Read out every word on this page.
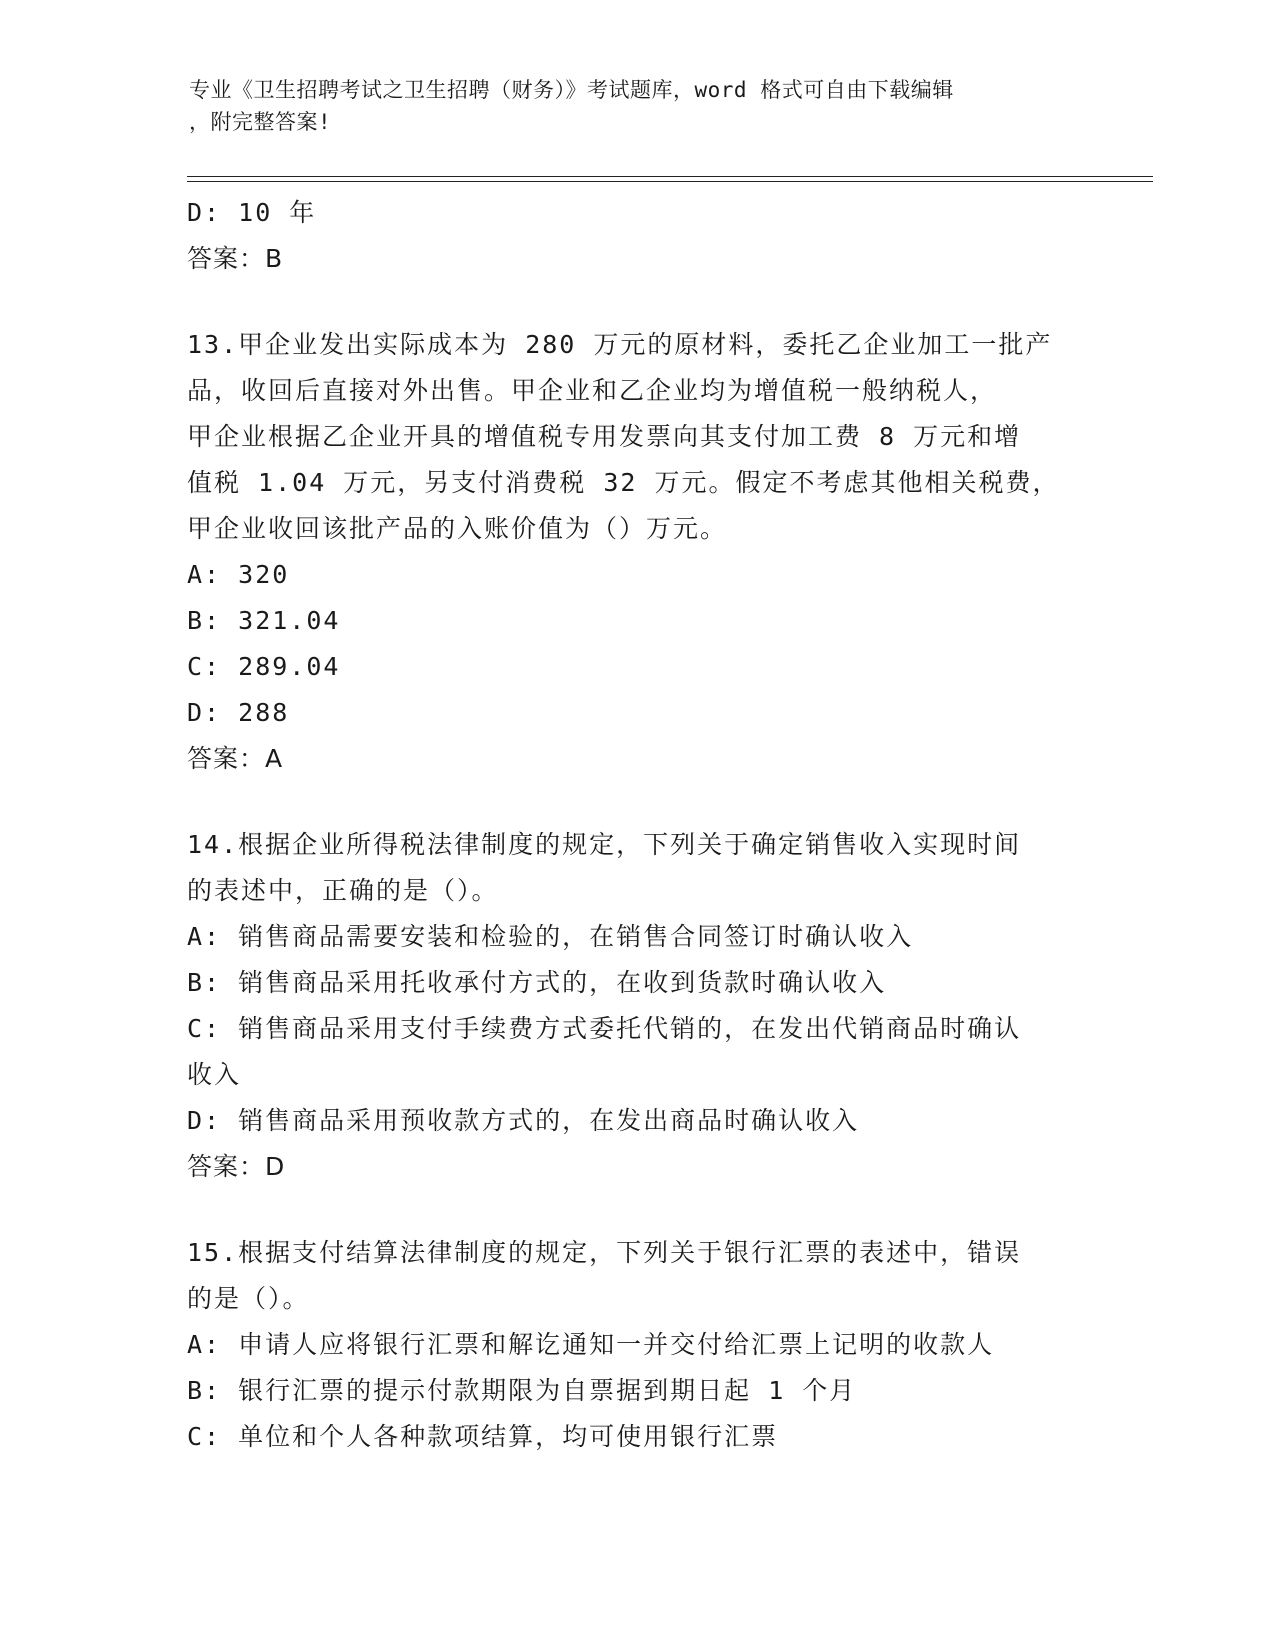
专业《卫生招聘考试之卫生招聘（财务）》考试题库，word 格式可自由下载编辑
，附完整答案!
D: 10 年
答案：B
13.甲企业发出实际成本为 280 万元的原材料，委托乙企业加工一批产
品，收回后直接对外出售。甲企业和乙企业均为增值税一般纳税人，
甲企业根据乙企业开具的增值税专用发票向其支付加工费 8 万元和增
值税 1.04 万元，另支付消费税 32 万元。假定不考虑其他相关税费，
甲企业收回该批产品的入账价值为（）万元。
A: 320
B: 321.04
C: 289.04
D: 288
答案：A
14.根据企业所得税法律制度的规定，下列关于确定销售收入实现时间
的表述中，正确的是（）。
A: 销售商品需要安装和检验的，在销售合同签订时确认收入
B: 销售商品采用托收承付方式的，在收到货款时确认收入
C: 销售商品采用支付手续费方式委托代销的，在发出代销商品时确认
收入
D: 销售商品采用预收款方式的，在发出商品时确认收入
答案：D
15.根据支付结算法律制度的规定，下列关于银行汇票的表述中，错误
的是（）。
A: 申请人应将银行汇票和解讫通知一并交付给汇票上记明的收款人
B: 银行汇票的提示付款期限为自票据到期日起 1 个月
C: 单位和个人各种款项结算，均可使用银行汇票
